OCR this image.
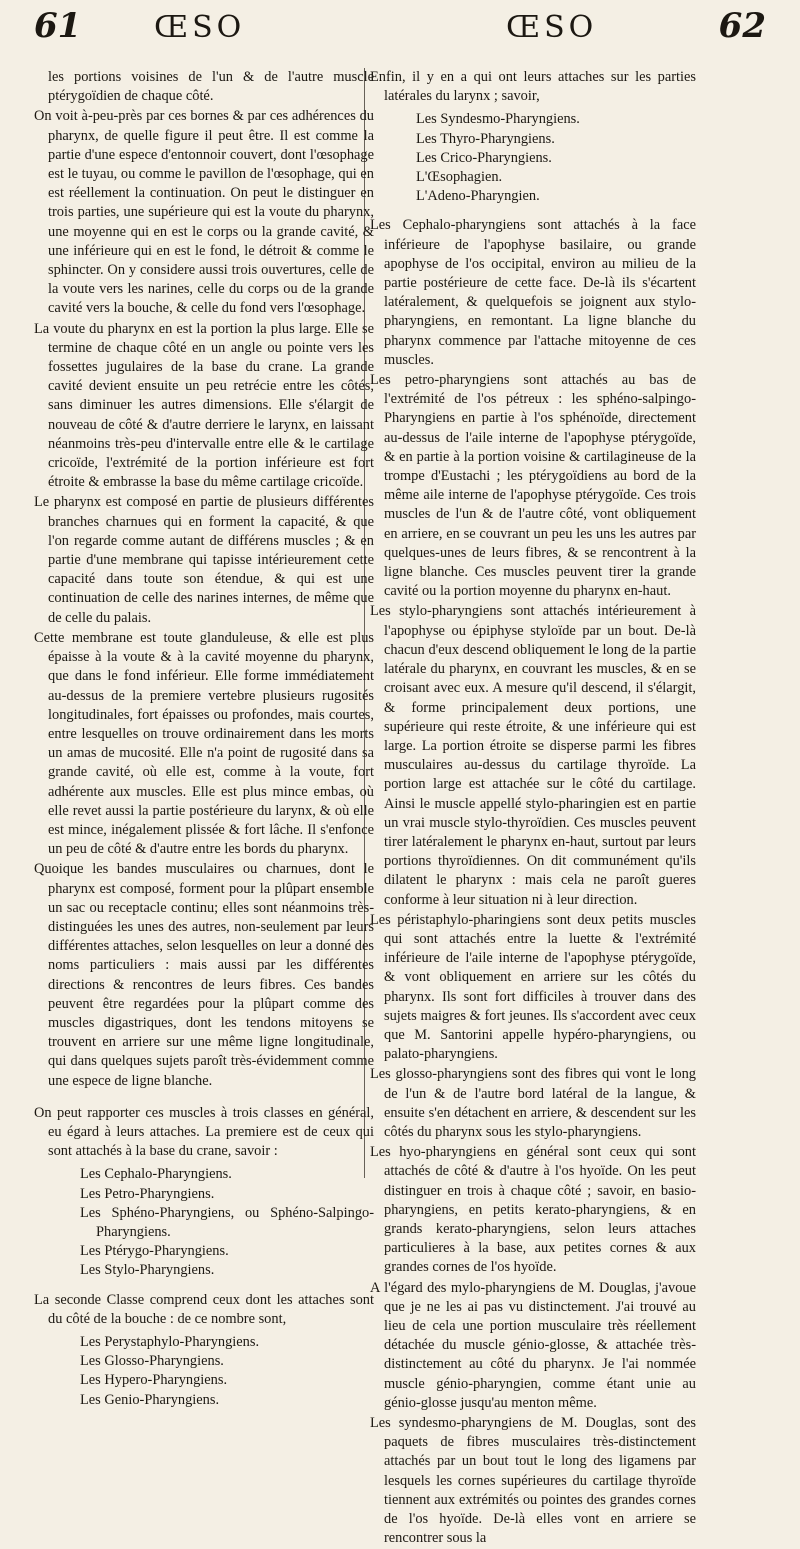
61 ŒSO	ŒSO	62

les portions voisines de l'un & de l'autre muscle ptérygoïdien de chaque côté.

On voit à-peu-près par ces bornes & par ces adhérences du pharynx, de quelle figure il peut être. Il est comme la partie d'une espece d'entonnoir couvert, dont l'œsophage est le tuyau, ou comme le pavillon de l'œsophage, qui en est réellement la continuation. On peut le distinguer en trois parties, une supérieure qui est la voute du pharynx, une moyenne qui en est le corps ou la grande cavité, & une inférieure qui en est le fond, le détroit & comme le sphincter. On y considere aussi trois ouvertures, celle de la voute vers les narines, celle du corps ou de la grande cavité vers la bouche, & celle du fond vers l'œsophage.

La voute du pharynx en est la portion la plus large. Elle se termine de chaque côté en un angle ou pointe vers les fossettes jugulaires de la base du crane. La grande cavité devient ensuite un peu retrécie entre les côtés, sans diminuer les autres dimensions. Elle s'élargit de nouveau de côté & d'autre derriere le larynx, en laissant néanmoins très-peu d'intervalle entre elle & le cartilage cricoïde, l'extrémité de la portion inférieure est fort étroite & embrasse la base du même cartilage cricoïde.

Le pharynx est composé en partie de plusieurs différentes branches charnues qui en forment la capacité, & que l'on regarde comme autant de différens muscles ; & en partie d'une membrane qui tapisse intérieurement cette capacité dans toute son étendue, & qui est une continuation de celle des narines internes, de même que de celle du palais.

Cette membrane est toute glanduleuse, & elle est plus épaisse à la voute & à la cavité moyenne du pharynx, que dans le fond inférieur. Elle forme immédiatement au-dessus de la premiere vertebre plusieurs rugosités longitudinales, fort épaisses ou profondes, mais courtes, entre lesquelles on trouve ordinairement dans les morts un amas de mucosité. Elle n'a point de rugosité dans sa grande cavité, où elle est, comme à la voute, fort adhérente aux muscles. Elle est plus mince embas, où elle revet aussi la partie postérieure du larynx, & où elle est mince, inégalement plissée & fort lâche. Il s'enfonce un peu de côté & d'autre entre les bords du pharynx.

Quoique les bandes musculaires ou charnues, dont le pharynx est composé, forment pour la plûpart ensemble un sac ou receptacle continu; elles sont néanmoins très-distinguées les unes des autres, non-seulement par leurs différentes attaches, selon lesquelles on leur a donné des noms particuliers : mais aussi par les différentes directions & rencontres de leurs fibres. Ces bandes peuvent être regardées pour la plûpart comme des muscles digastriques, dont les tendons mitoyens se trouvent en arriere sur une même ligne longitudinale, qui dans quelques sujets paroît très-évidemment comme une espece de ligne blanche.

On peut rapporter ces muscles à trois classes en général, eu égard à leurs attaches. La premiere est de ceux qui sont attachés à la base du crane, savoir :

Les Cephalo-Pharyngiens.
Les Petro-Pharyngiens.
Les Sphéno-Pharyngiens, ou Sphéno-Salpingo-Pharyngiens.
Les Ptérygo-Pharyngiens.
Les Stylo-Pharyngiens.

La seconde Classe comprend ceux dont les attaches sont du côté de la bouche : de ce nombre sont,

Les Perystaphylo-Pharyngiens.
Les Glosso-Pharyngiens.
Les Hypero-Pharyngiens.
Les Genio-Pharyngiens.

Enfin, il y en a qui ont leurs attaches sur les parties latérales du larynx ; savoir,

Les Syndesmo-Pharyngiens.
Les Thyro-Pharyngiens.
Les Crico-Pharyngiens.
L'Œsophagien.
L'Adeno-Pharyngien.

Les Cephalo-pharyngiens sont attachés à la face inférieure de l'apophyse basilaire, ou grande apophyse de l'os occipital, environ au milieu de la partie postérieure de cette face. De-là ils s'écartent latéralement, & quelquefois se joignent aux stylo-pharyngiens, en remontant. La ligne blanche du pharynx commence par l'attache mitoyenne de ces muscles.

Les petro-pharyngiens sont attachés au bas de l'extrémité de l'os pétreux : les sphéno-salpingo-Pharyngiens en partie à l'os sphénoïde, directement au-dessus de l'aile interne de l'apophyse ptérygoïde, & en partie à la portion voisine & cartilagineuse de la trompe d'Eustachi ; les ptérygoïdiens au bord de la même aile interne de l'apophyse ptérygoïde. Ces trois muscles de l'un & de l'autre côté, vont obliquement en arriere, en se couvrant un peu les uns les autres par quelques-unes de leurs fibres, & se rencontrent à la ligne blanche. Ces muscles peuvent tirer la grande cavité ou la portion moyenne du pharynx en-haut.

Les stylo-pharyngiens sont attachés intérieurement à l'apophyse ou épiphyse styloïde par un bout. De-là chacun d'eux descend obliquement le long de la partie latérale du pharynx, en couvrant les muscles, & en se croisant avec eux. A mesure qu'il descend, il s'élargit, & forme principalement deux portions, une supérieure qui reste étroite, & une inférieure qui est large. La portion étroite se disperse parmi les fibres musculaires au-dessus du cartilage thyroïde. La portion large est attachée sur le côté du cartilage. Ainsi le muscle appellé stylo-pharingien est en partie un vrai muscle stylo-thyroïdien. Ces muscles peuvent tirer latéralement le pharynx en-haut, surtout par leurs portions thyroïdiennes. On dit communément qu'ils dilatent le pharynx : mais cela ne paroît gueres conforme à leur situation ni à leur direction.

Les péristaphylo-pharingiens sont deux petits muscles qui sont attachés entre la luette & l'extrémité inférieure de l'aile interne de l'apophyse ptérygoïde, & vont obliquement en arriere sur les côtés du pharynx. Ils sont fort difficiles à trouver dans des sujets maigres & fort jeunes. Ils s'accordent avec ceux que M. Santorini appelle hypéro-pharyngiens, ou palato-pharyngiens.

Les glosso-pharyngiens sont des fibres qui vont le long de l'un & de l'autre bord latéral de la langue, & ensuite s'en détachent en arriere, & descendent sur les côtés du pharynx sous les stylo-pharyngiens.

Les hyo-pharyngiens en général sont ceux qui sont attachés de côté & d'autre à l'os hyoïde. On les peut distinguer en trois à chaque côté ; savoir, en basio-pharyngiens, en petits kerato-pharyngiens, & en grands kerato-pharyngiens, selon leurs attaches particulieres à la base, aux petites cornes & aux grandes cornes de l'os hyoïde.

A l'égard des mylo-pharyngiens de M. Douglas, j'avoue que je ne les ai pas vu distinctement. J'ai trouvé au lieu de cela une portion musculaire très réellement détachée du muscle génio-glosse, & attachée très-distinctement au côté du pharynx. Je l'ai nommée muscle génio-pharyngien, comme étant unie au génio-glosse jusqu'au menton même.

Les syndesmo-pharyngiens de M. Douglas, sont des paquets de fibres musculaires très-distinctement attachés par un bout tout le long des ligamens par lesquels les cornes supérieures du cartilage thyroïde tiennent aux extrémités ou pointes des grandes cornes de l'os hyoïde. De-là elles vont en arriere se rencontrer sous la
